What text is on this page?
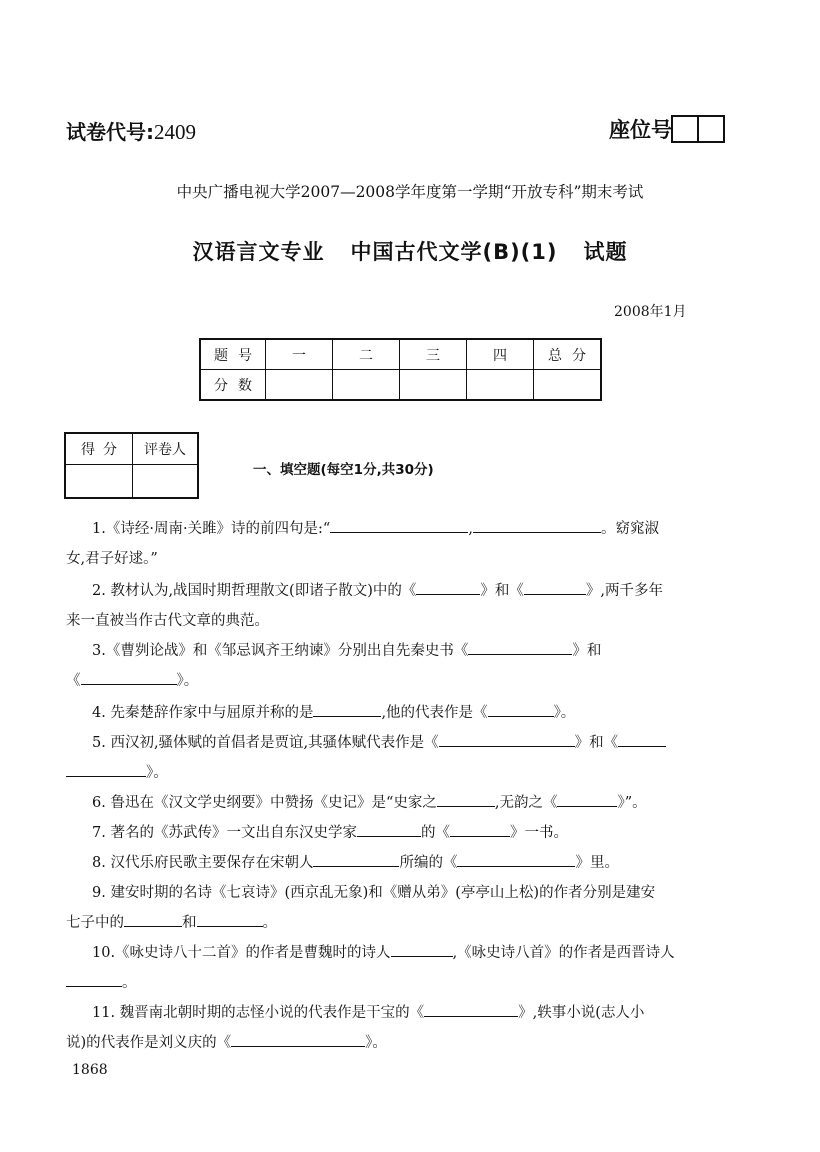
试卷代号:2409	座位号
中央广播电视大学2007—2008学年度第一学期“开放专科”期末考试
汉语言文专业 中国古代文学(B)(1) 试题
2008年1月
题号	一	二	三	四	总分
分数					
得分	评卷人

一、填空题(每空1分,共30分)
1.《诗经·周南·关雎》诗的前四句是:“	,	。窈窕淑
女,君子好逑。”
2. 教材认为,战国时期哲理散文(即诸子散文)中的《	》和《	》,两千多年
来一直被当作古代文章的典范。
3.《曹刿论战》和《邹忌讽齐王纳谏》分别出自先秦史书《	》和
《	》。
4. 先秦楚辞作家中与屈原并称的是	,他的代表作是《	》。
5. 西汉初,骚体赋的首倡者是贾谊,其骚体赋代表作是《	》和《
》。
6. 鲁迅在《汉文学史纲要》中赞扬《史记》是“史家之	,无韵之《	》”。
7. 著名的《苏武传》一文出自东汉史学家	的《	》一书。
8. 汉代乐府民歌主要保存在宋朝人	所编的《	》里。
9. 建安时期的名诗《七哀诗》(西京乱无象)和《赠从弟》(亭亭山上松)的作者分别是建安
七子中的	和	。
10.《咏史诗八十二首》的作者是曹魏时的诗人	,《咏史诗八首》的作者是西晋诗人
。
11. 魏晋南北朝时期的志怪小说的代表作是干宝的《	》,轶事小说(志人小
说)的代表作是刘义庆的《	》。
1868
